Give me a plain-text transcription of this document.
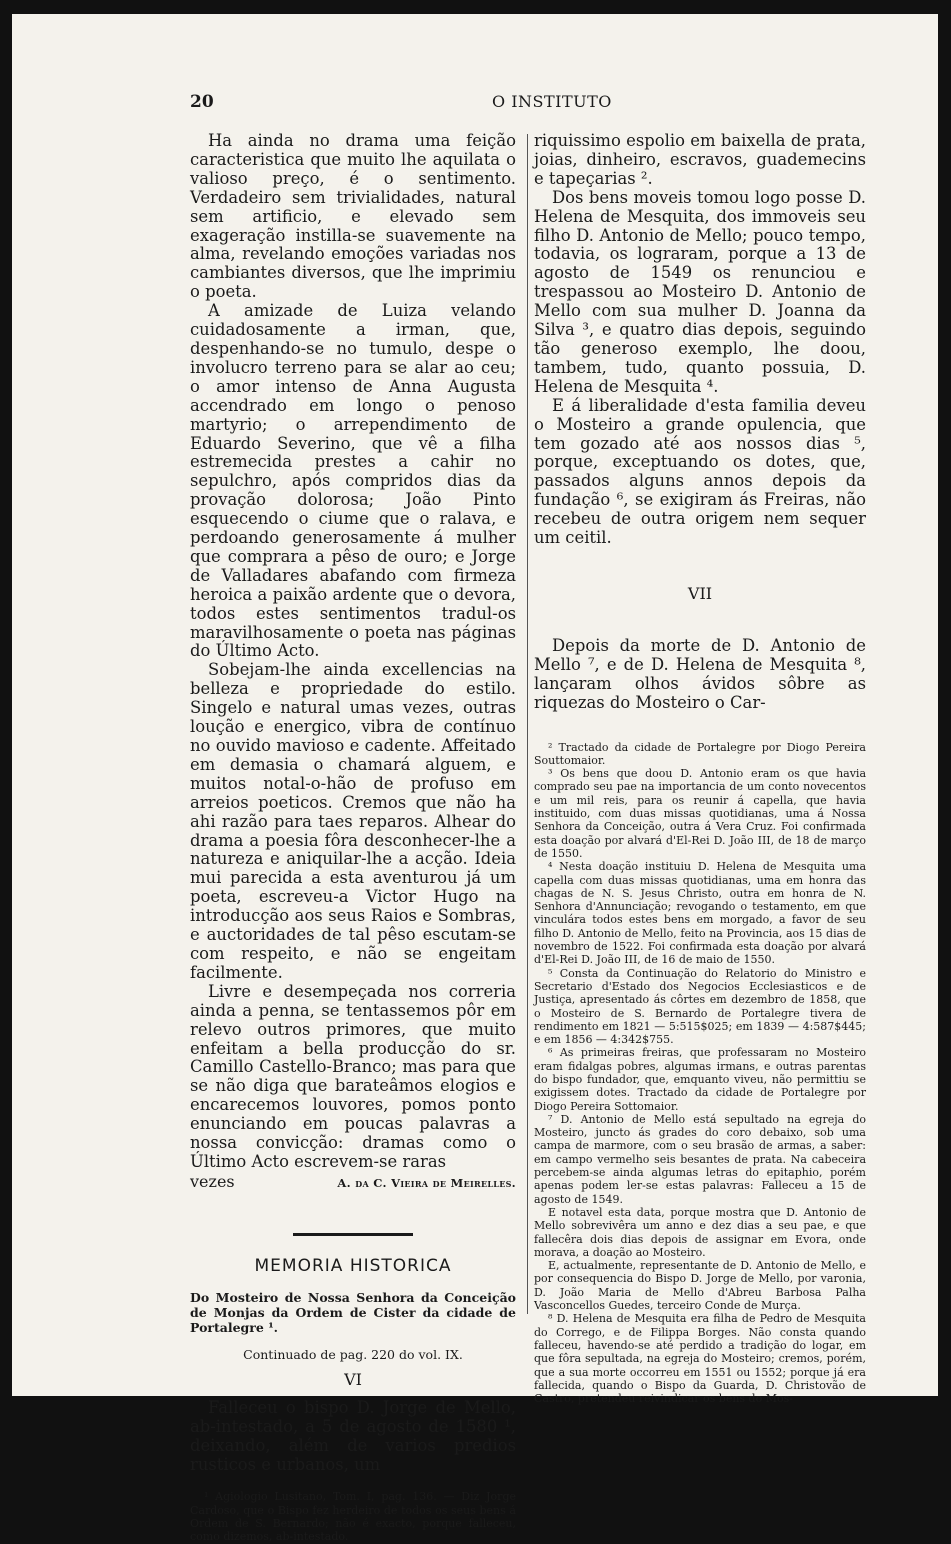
20	O INSTITUTO

Ha ainda no drama uma feição caracteristica que muito lhe aquilata o valioso preço, é o sentimento. Verdadeiro sem trivialidades, natural sem artificio, e elevado sem exageração instilla-se suavemente na alma, revelando emoções variadas nos cambiantes diversos, que lhe imprimiu o poeta.

A amizade de Luiza velando cuidadosamente a irman, que, despenhando-se no tumulo, despe o involucro terreno para se alar ao ceu; o amor intenso de Anna Augusta accendrado em longo o penoso martyrio; o arrependimento de Eduardo Severino, que vê a filha estremecida prestes a cahir no sepulchro, após compridos dias da provação dolorosa; João Pinto esquecendo o ciume que o ralava, e perdoando generosamente á mulher que comprara a pêso de ouro; e Jorge de Valladares abafando com firmeza heroica a paixão ardente que o devora, todos estes sentimentos tradul-os maravilhosamente o poeta nas páginas do Último Acto.

Sobejam-lhe ainda excellencias na belleza e propriedade do estilo. Singelo e natural umas vezes, outras loução e energico, vibra de contínuo no ouvido mavioso e cadente. Affeitado em demasia o chamará alguem, e muitos notal-o-hão de profuso em arreios poeticos. Cremos que não ha ahi razão para taes reparos. Alhear do drama a poesia fôra desconhecer-lhe a natureza e aniquilar-lhe a acção. Ideia mui parecida a esta aventurou já um poeta, escreveu-a Victor Hugo na introducção aos seus Raios e Sombras, e auctoridades de tal pêso escutam-se com respeito, e não se engeitam facilmente.

Livre e desempeçada nos correria ainda a penna, se tentassemos pôr em relevo outros primores, que muito enfeitam a bella producção do sr. Camillo Castello-Branco; mas para que se não diga que barateâmos elogios e encarecemos louvores, pomos ponto enunciando em poucas palavras a nossa convicção: dramas como o Último Acto escrevem-se raras

vezes	A. da C. Vieira de Meirelles.

MEMORIA HISTORICA

Do Mosteiro de Nossa Senhora da Conceição de Monjas da Ordem de Cister da cidade de Portalegre ¹.

Continuado de pag. 220 do vol. IX.

VI

Falleceu o bispo D. Jorge de Mello, ab-intestado, a 5 de agosto de 1580 ¹, deixando, além de varios predios rusticos e urbanos, um

¹ Agiologio Lusitano, Tom. I, pag. 136. — Diz Jorge Cardoso, que o Bispo fez herdeiro de todos os seus bens á Ordem de S. Bernardo; não é exacto, porque falleceu, como dizemos, ab-intestado.

riquissimo espolio em baixella de prata, joias, dinheiro, escravos, guademecins e tapeçarias ².

Dos bens moveis tomou logo posse D. Helena de Mesquita, dos immoveis seu filho D. Antonio de Mello; pouco tempo, todavia, os lograram, porque a 13 de agosto de 1549 os renunciou e trespassou ao Mosteiro D. Antonio de Mello com sua mulher D. Joanna da Silva ³, e quatro dias depois, seguindo tão generoso exemplo, lhe doou, tambem, tudo, quanto possuia, D. Helena de Mesquita ⁴.

E á liberalidade d'esta familia deveu o Mosteiro a grande opulencia, que tem gozado até aos nossos dias ⁵, porque, exceptuando os dotes, que, passados alguns annos depois da fundação ⁶, se exigiram ás Freiras, não recebeu de outra origem nem sequer um ceitil.

VII

Depois da morte de D. Antonio de Mello ⁷, e de D. Helena de Mesquita ⁸, lançaram olhos ávidos sôbre as riquezas do Mosteiro o Car-

² Tractado da cidade de Portalegre por Diogo Pereira Souttomaior.

³ Os bens que doou D. Antonio eram os que havia comprado seu pae na importancia de um conto novecentos e um mil reis, para os reunir á capella, que havia instituido, com duas missas quotidianas, uma á Nossa Senhora da Conceição, outra á Vera Cruz. Foi confirmada esta doação por alvará d'El-Rei D. João III, de 18 de março de 1550.

⁴ Nesta doação instituiu D. Helena de Mesquita uma capella com duas missas quotidianas, uma em honra das chagas de N. S. Jesus Christo, outra em honra de N. Senhora d'Annunciação; revogando o testamento, em que vinculára todos estes bens em morgado, a favor de seu filho D. Antonio de Mello, feito na Provincia, aos 15 dias de novembro de 1522. Foi confirmada esta doação por alvará d'El-Rei D. João III, de 16 de maio de 1550.

⁵ Consta da Continuação do Relatorio do Ministro e Secretario d'Estado dos Negocios Ecclesiasticos e de Justiça, apresentado ás côrtes em dezembro de 1858, que o Mosteiro de S. Bernardo de Portalegre tivera de rendimento em 1821 — 5:515$025; em 1839 — 4:587$445; e em 1856 — 4:342$755.

⁶ As primeiras freiras, que professaram no Mosteiro eram fidalgas pobres, algumas irmans, e outras parentas do bispo fundador, que, emquanto viveu, não permittiu se exigissem dotes. Tractado da cidade de Portalegre por Diogo Pereira Sottomaior.

⁷ D. Antonio de Mello está sepultado na egreja do Mosteiro, juncto ás grades do coro debaixo, sob uma campa de marmore, com o seu brasão de armas, a saber: em campo vermelho seis besantes de prata. Na cabeceira percebem-se ainda algumas letras do epitaphio, porém apenas podem ler-se estas palavras: Falleceu a 15 de agosto de 1549.

E notavel esta data, porque mostra que D. Antonio de Mello sobrevivêra um anno e dez dias a seu pae, e que fallecêra dois dias depois de assignar em Evora, onde morava, a doação ao Mosteiro.

E, actualmente, representante de D. Antonio de Mello, e por consequencia do Bispo D. Jorge de Mello, por varonia, D. João Maria de Mello d'Abreu Barbosa Palha Vasconcellos Guedes, terceiro Conde de Murça.

⁸ D. Helena de Mesquita era filha de Pedro de Mesquita do Corrego, e de Filippa Borges. Não consta quando falleceu, havendo-se até perdido a tradição do logar, em que fôra sepultada, na egreja do Mosteiro; cremos, porém, que a sua morte occorreu em 1551 ou 1552; porque já era fallecida, quando o Bispo da Guarda, D. Christovão de Castro, pretendeu reivindicar os bens do Mos-
